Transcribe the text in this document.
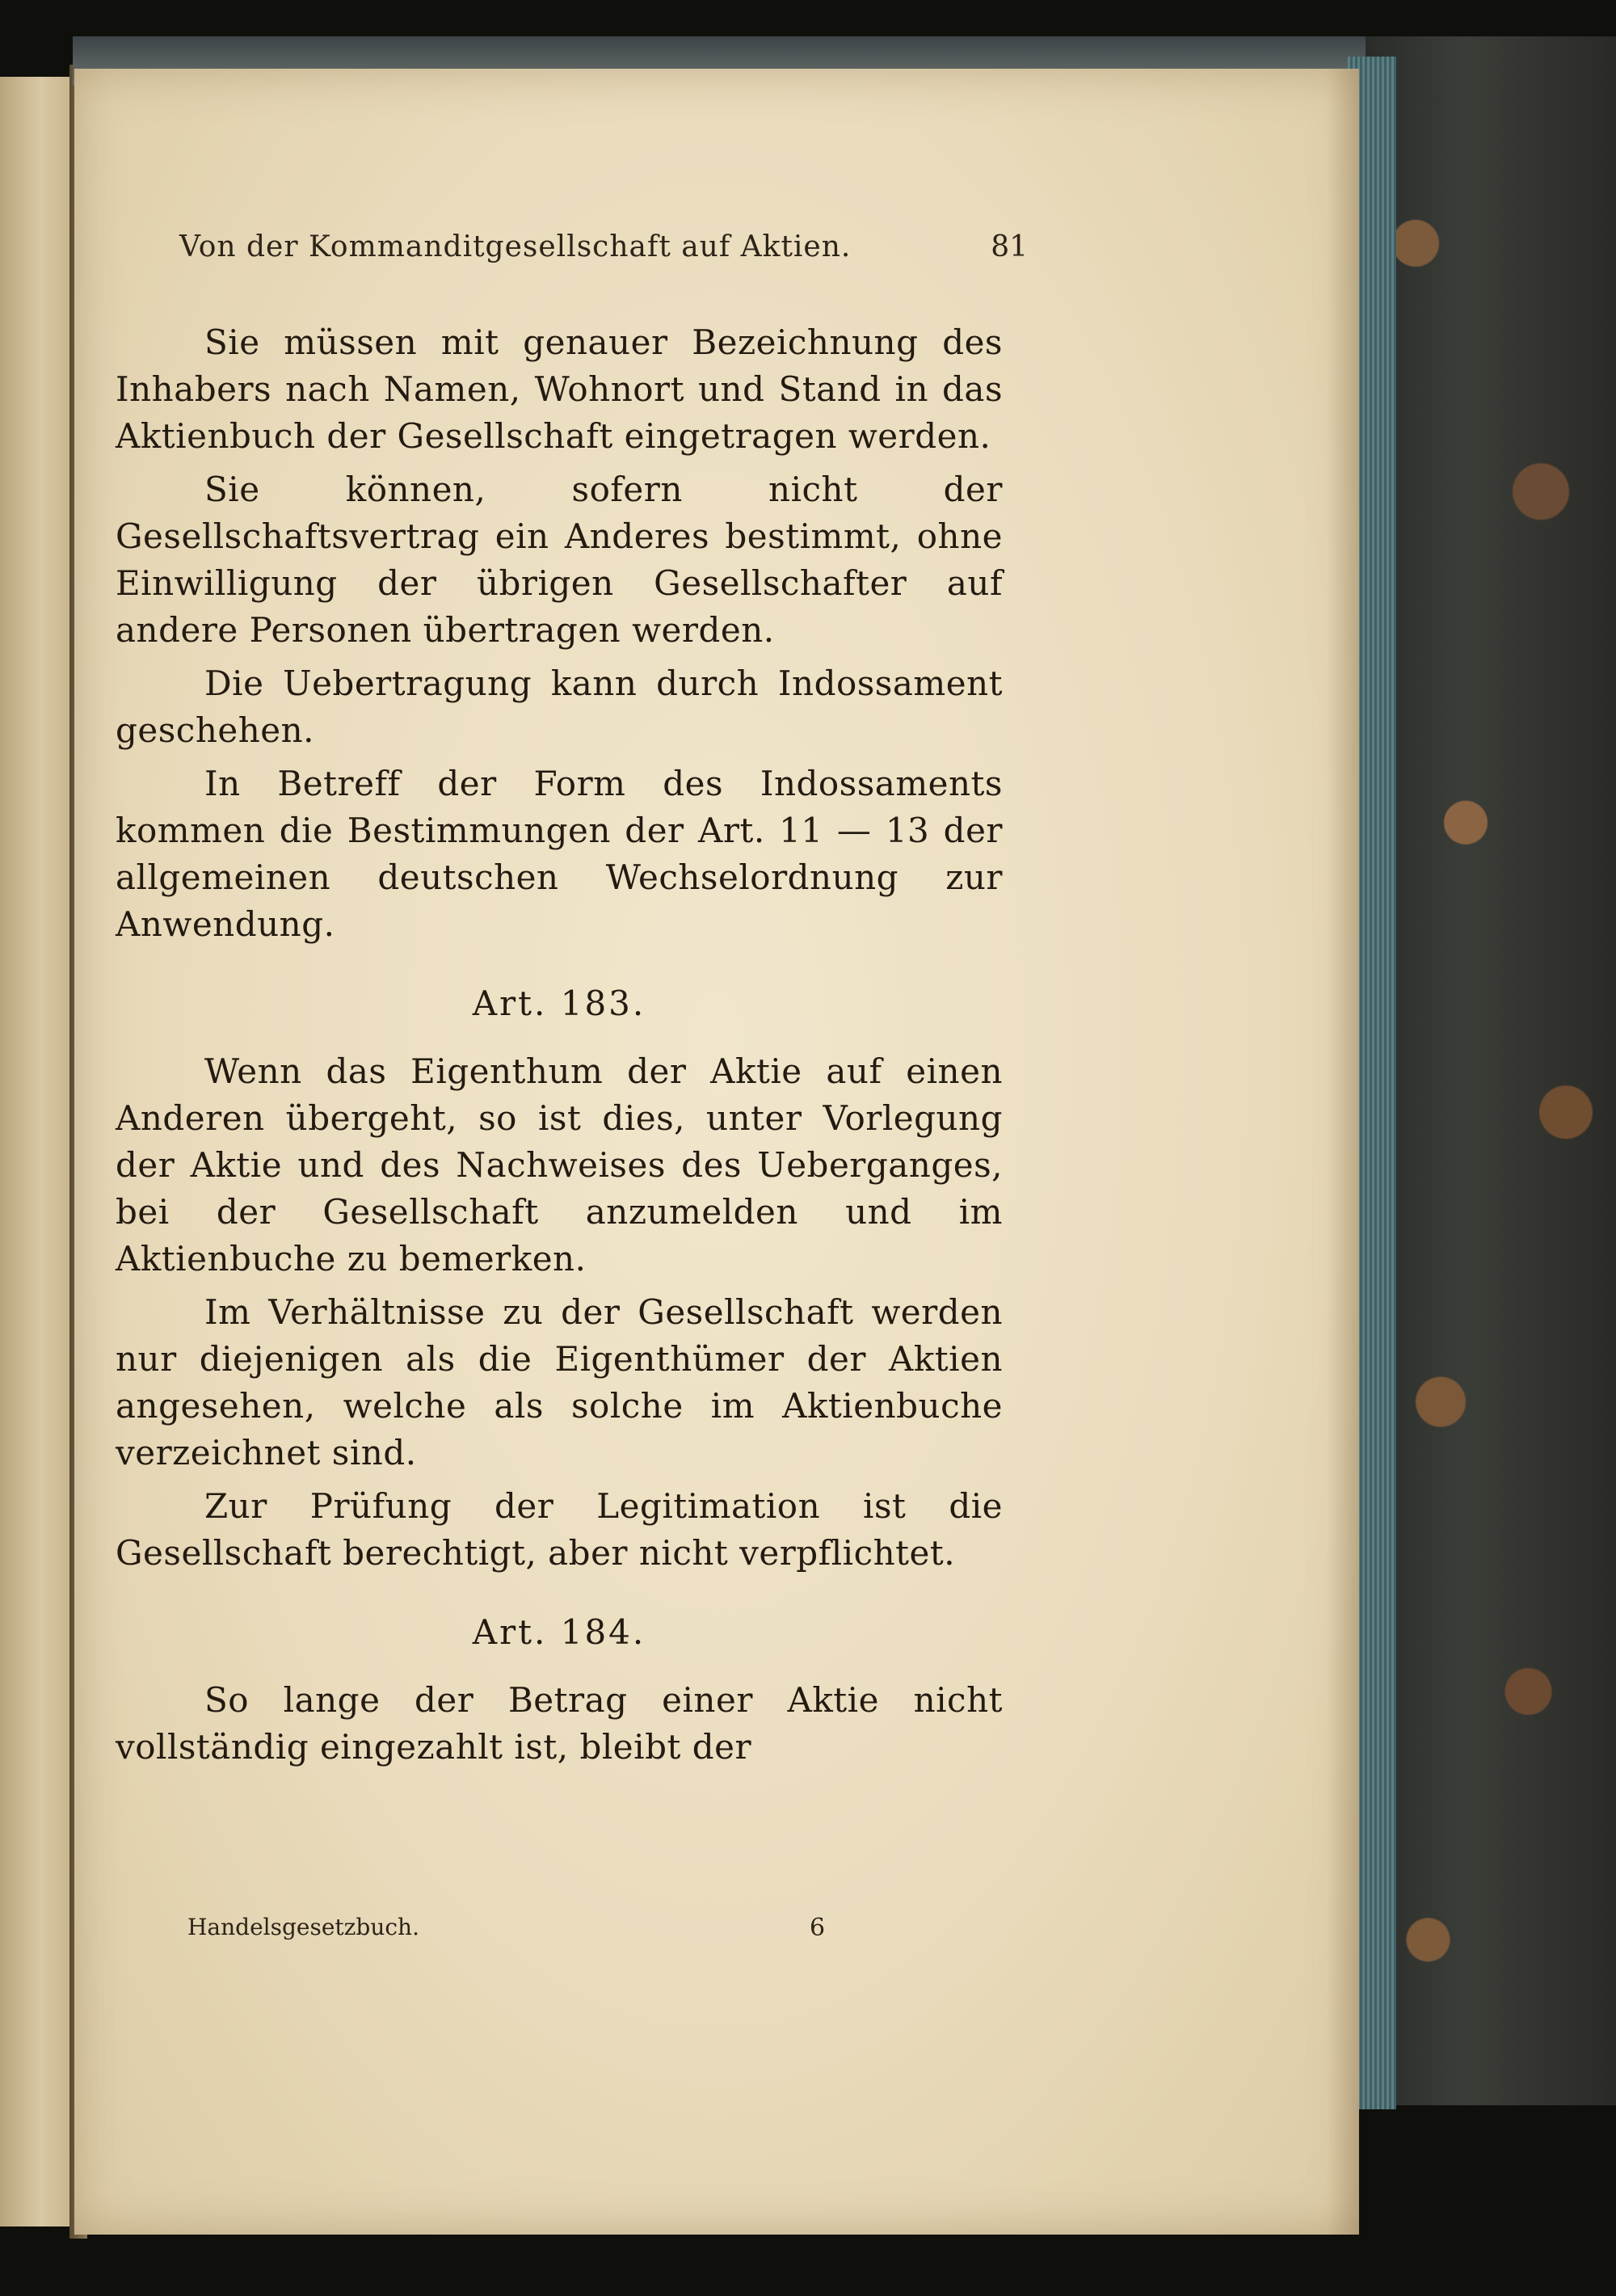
Von der Kommanditgesellschaft auf Aktien.	81

Sie müssen mit genauer Bezeichnung des Inhabers nach Namen, Wohnort und Stand in das Aktienbuch der Gesellschaft eingetragen werden.

Sie können, sofern nicht der Gesellschaftsvertrag ein Anderes bestimmt, ohne Einwilligung der übrigen Gesellschafter auf andere Personen übertragen werden.

Die Uebertragung kann durch Indossament geschehen.

In Betreff der Form des Indossaments kommen die Bestimmungen der Art. 11 — 13 der allgemeinen deutschen Wechselordnung zur Anwendung.

Art. 183.

Wenn das Eigenthum der Aktie auf einen Anderen übergeht, so ist dies, unter Vorlegung der Aktie und des Nachweises des Ueberganges, bei der Gesellschaft anzumelden und im Aktienbuche zu bemerken.

Im Verhältnisse zu der Gesellschaft werden nur diejenigen als die Eigenthümer der Aktien angesehen, welche als solche im Aktienbuche verzeichnet sind.

Zur Prüfung der Legitimation ist die Gesellschaft berechtigt, aber nicht verpflichtet.

Art. 184.

So lange der Betrag einer Aktie nicht vollständig eingezahlt ist, bleibt der

Handelsgesetzbuch.	6
